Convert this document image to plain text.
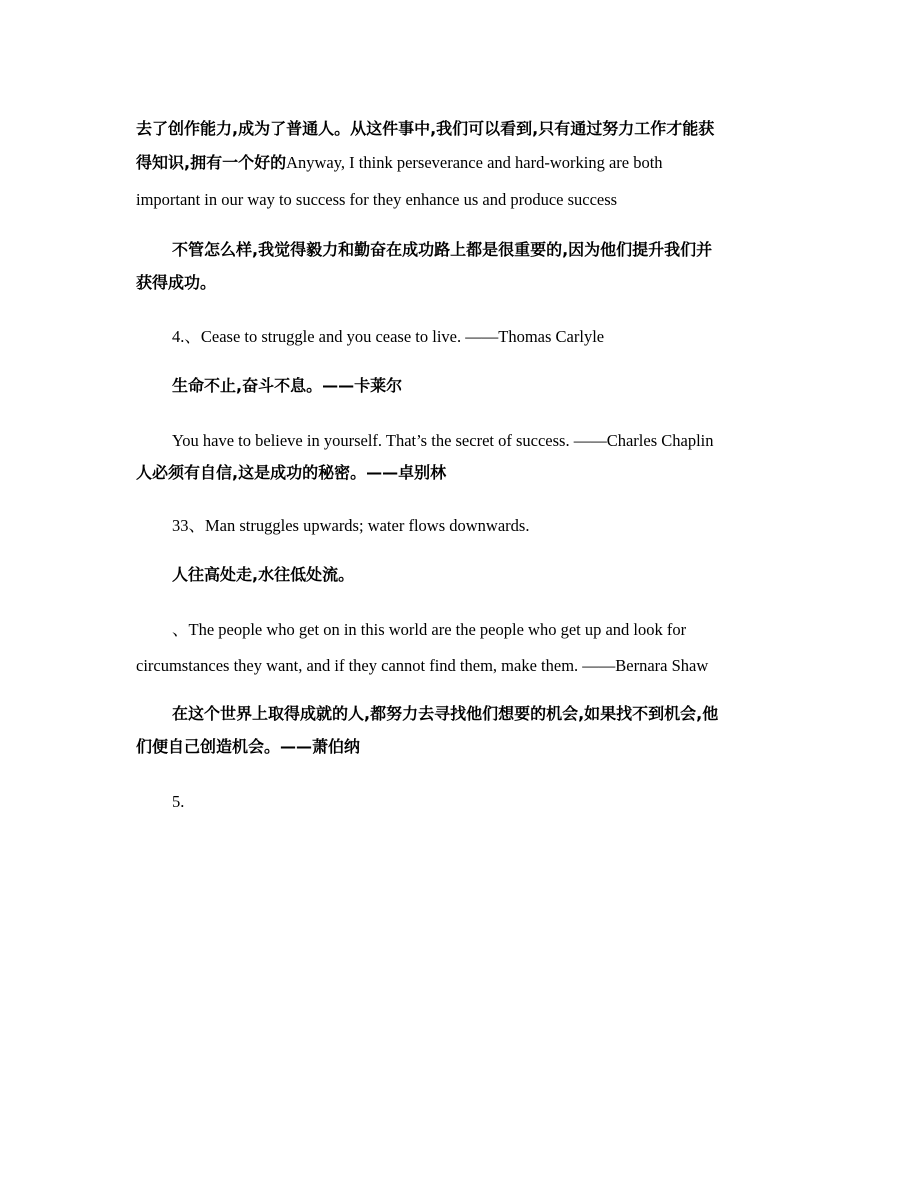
去了创作能力,成为了普通人。从这件事中,我们可以看到,只有通过努力工作才能获
得知识,拥有一个好的Anyway, I think perseverance and hard-working are both
important in our way to success for they enhance us and produce success
不管怎么样,我觉得毅力和勤奋在成功路上都是很重要的,因为他们提升我们并
获得成功。
4.、Cease to struggle and you cease to live. ——Thomas Carlyle
生命不止,奋斗不息。——卡莱尔
You have to believe in yourself. That’s the secret of success. ——Charles Chaplin
人必须有自信,这是成功的秘密。——卓别林
33、Man struggles upwards; water flows downwards.
人往高处走,水往低处流。
、The people who get on in this world are the people who get up and look for
circumstances they want, and if they cannot find them, make them. ——Bernara Shaw
在这个世界上取得成就的人,都努力去寻找他们想要的机会,如果找不到机会,他
们便自己创造机会。——萧伯纳
5.
